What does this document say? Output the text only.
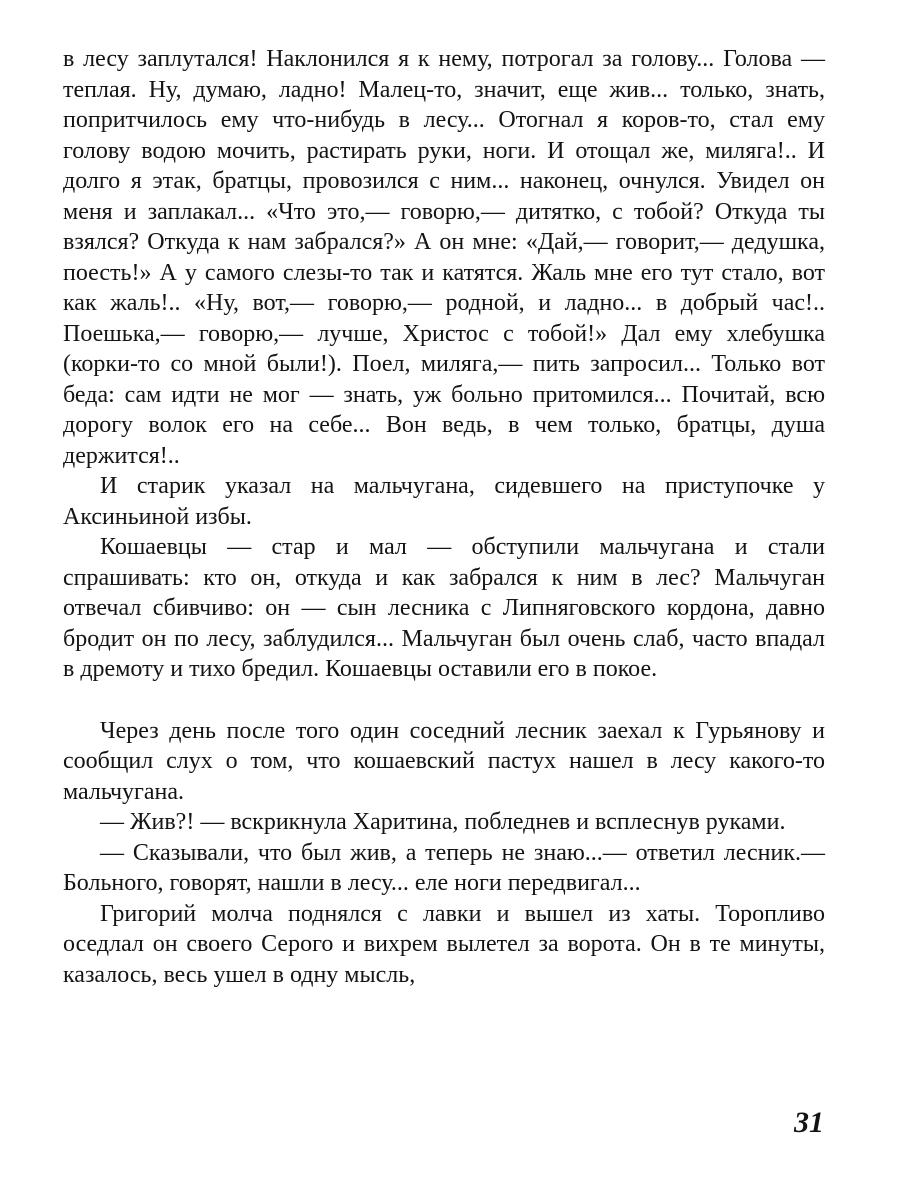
в лесу заплутался! Наклонился я к нему, потрогал за голову... Голова — теплая. Ну, думаю, ладно! Малец-то, значит, еще жив... только, знать, попритчилось ему что-нибудь в лесу... Отогнал я коров-то, стал ему голову водою мочить, растирать руки, ноги. И отощал же, миляга!.. И долго я этак, братцы, провозился с ним... наконец, очнулся. Увидел он меня и заплакал... «Что это,— говорю,— дитятко, с тобой? Откуда ты взялся? Откуда к нам забрался?» А он мне: «Дай,— говорит,— дедушка, поесть!» А у самого слезы-то так и катятся. Жаль мне его тут стало, вот как жаль!.. «Ну, вот,— говорю,— родной, и ладно... в добрый час!.. Поешька,— говорю,— лучше, Христос с тобой!» Дал ему хлебушка (корки-то со мной были!). Поел, миляга,— пить запросил... Только вот беда: сам идти не мог — знать, уж больно притомился... Почитай, всю дорогу волок его на себе... Вон ведь, в чем только, братцы, душа держится!..

И старик указал на мальчугана, сидевшего на приступочке у Аксиньиной избы.

Кошаевцы — стар и мал — обступили мальчугана и стали спрашивать: кто он, откуда и как забрался к ним в лес? Мальчуган отвечал сбивчиво: он — сын лесника с Липняговского кордона, давно бродит он по лесу, заблудился... Мальчуган был очень слаб, часто впадал в дремоту и тихо бредил. Кошаевцы оставили его в покое.

Через день после того один соседний лесник заехал к Гурьянову и сообщил слух о том, что кошаевский пастух нашел в лесу какого-то мальчугана.

— Жив?! — вскрикнула Харитина, побледнев и всплеснув руками.

— Сказывали, что был жив, а теперь не знаю...— ответил лесник.— Больного, говорят, нашли в лесу... еле ноги передвигал...

Григорий молча поднялся с лавки и вышел из хаты. Торопливо оседлал он своего Серого и вихрем вылетел за ворота. Он в те минуты, казалось, весь ушел в одну мысль,

31
